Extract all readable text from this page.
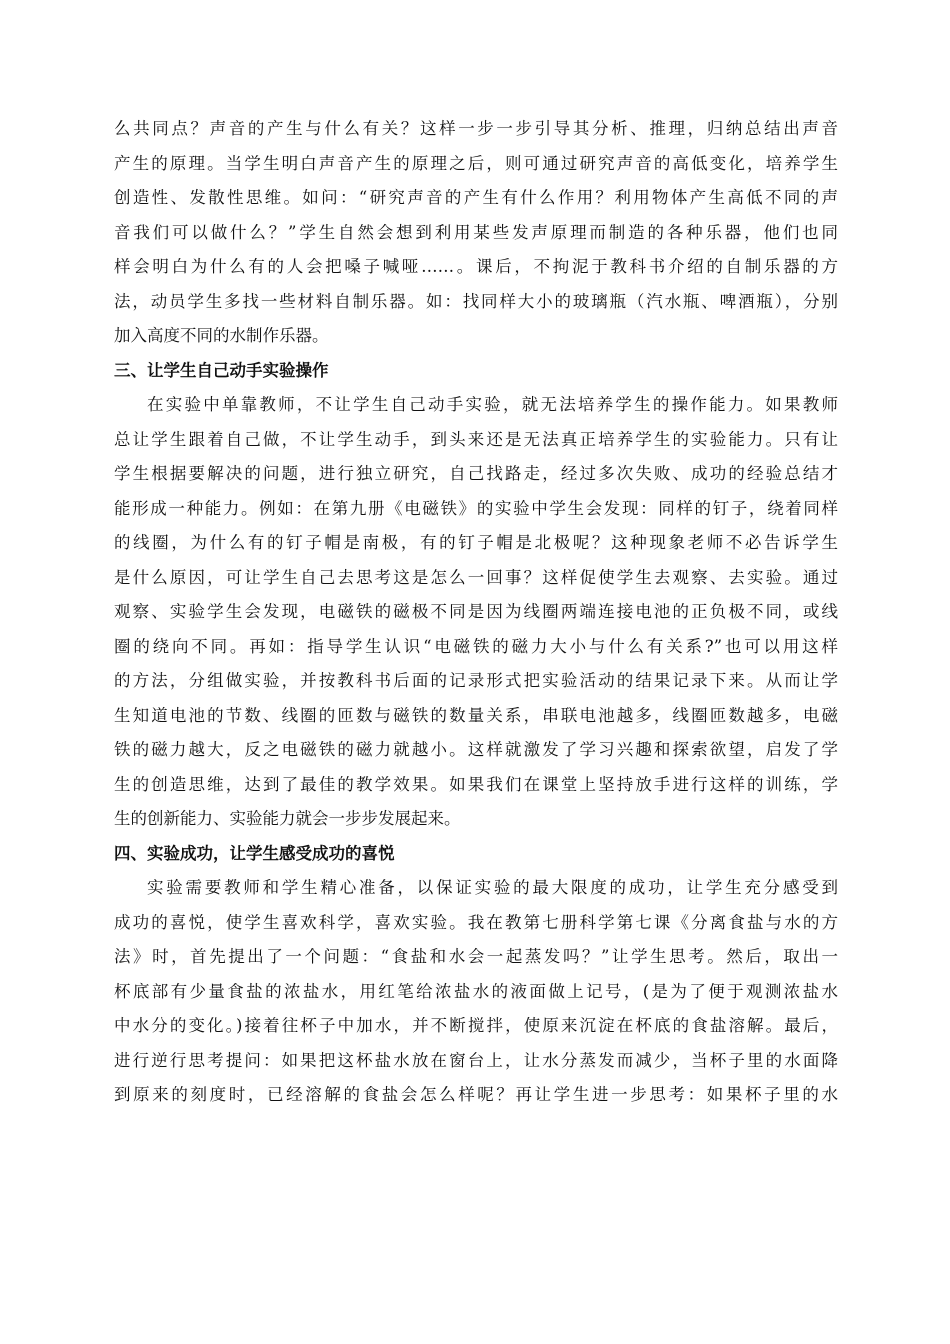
么共同点？声音的产生与什么有关？这样一步一步引导其分析、推理，归纳总结出声音
产生的原理。当学生明白声音产生的原理之后，则可通过研究声音的高低变化，培养学生
创造性、发散性思维。如问：“研究声音的产生有什么作用？利用物体产生高低不同的声
音我们可以做什么？”学生自然会想到利用某些发声原理而制造的各种乐器，他们也同
样会明白为什么有的人会把嗓子喊哑……。课后，不拘泥于教科书介绍的自制乐器的方
法，动员学生多找一些材料自制乐器。如：找同样大小的玻璃瓶（汽水瓶、啤酒瓶），分别
加入高度不同的水制作乐器。
三、让学生自己动手实验操作
在实验中单靠教师，不让学生自己动手实验，就无法培养学生的操作能力。如果教师
总让学生跟着自己做，不让学生动手，到头来还是无法真正培养学生的实验能力。只有让
学生根据要解决的问题，进行独立研究，自己找路走，经过多次失败、成功的经验总结才
能形成一种能力。例如：在第九册《电磁铁》的实验中学生会发现：同样的钉子，绕着同样
的线圈，为什么有的钉子帽是南极，有的钉子帽是北极呢？这种现象老师不必告诉学生
是什么原因，可让学生自己去思考这是怎么一回事？这样促使学生去观察、去实验。通过
观察、实验学生会发现，电磁铁的磁极不同是因为线圈两端连接电池的正负极不同，或线
圈的绕向不同。再如：指导学生认识“电磁铁的磁力大小与什么有关系?”也可以用这样
的方法，分组做实验，并按教科书后面的记录形式把实验活动的结果记录下来。从而让学
生知道电池的节数、线圈的匝数与磁铁的数量关系，串联电池越多，线圈匝数越多，电磁
铁的磁力越大，反之电磁铁的磁力就越小。这样就激发了学习兴趣和探索欲望，启发了学
生的创造思维，达到了最佳的教学效果。如果我们在课堂上坚持放手进行这样的训练，学
生的创新能力、实验能力就会一步步发展起来。
四、实验成功，让学生感受成功的喜悦
实验需要教师和学生精心准备，以保证实验的最大限度的成功，让学生充分感受到
成功的喜悦，使学生喜欢科学，喜欢实验。我在教第七册科学第七课《分离食盐与水的方
法》时，首先提出了一个问题：“食盐和水会一起蒸发吗？”让学生思考。然后，取出一
杯底部有少量食盐的浓盐水，用红笔给浓盐水的液面做上记号，(是为了便于观测浓盐水
中水分的变化。)接着往杯子中加水，并不断搅拌，使原来沉淀在杯底的食盐溶解。最后，
进行逆行思考提问：如果把这杯盐水放在窗台上，让水分蒸发而减少，当杯子里的水面降
到原来的刻度时，已经溶解的食盐会怎么样呢？再让学生进一步思考：如果杯子里的水
